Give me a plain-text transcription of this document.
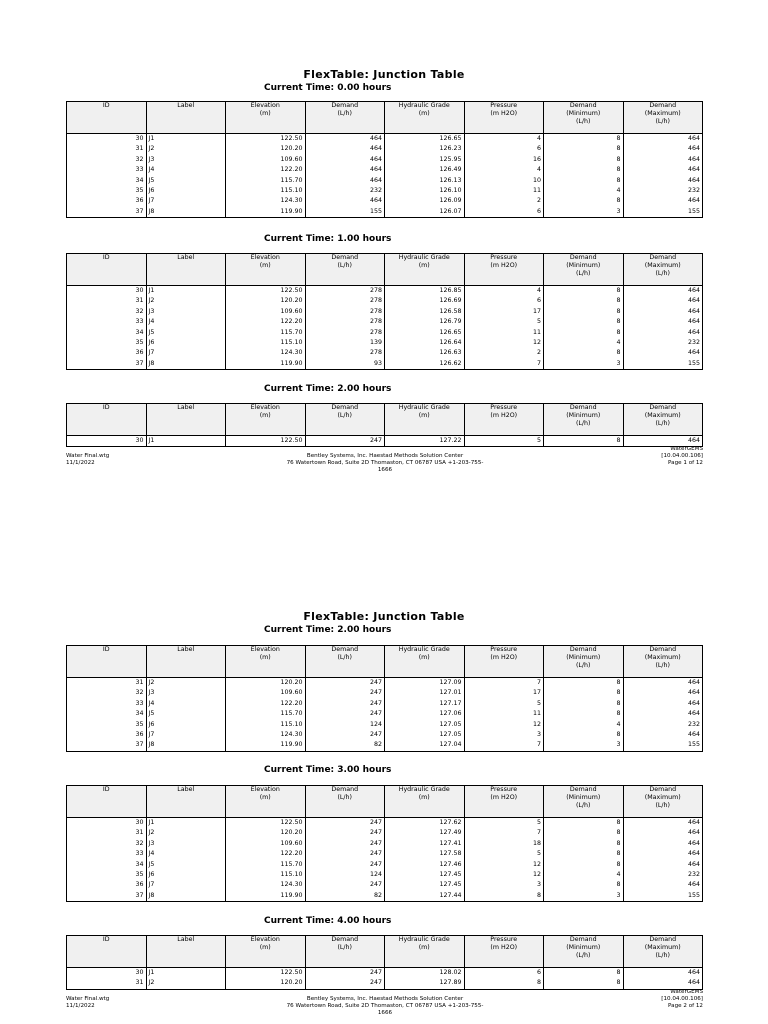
FlexTable: Junction Table
Current Time: 0.00 hours
ID	Label	Elevation
(m)	Demand
(L/h)	Hydraulic Grade
(m)	Pressure
(m H2O)	Demand
(Minimum)
(L/h)	Demand
(Maximum)
(L/h)
30	J1	122.50	464	126.65	4	8	464
31	J2	120.20	464	126.23	6	8	464
32	J3	109.60	464	125.95	16	8	464
33	J4	122.20	464	126.49	4	8	464
34	J5	115.70	464	126.13	10	8	464
35	J6	115.10	232	126.10	11	4	232
36	J7	124.30	464	126.09	2	8	464
37	J8	119.90	155	126.07	6	3	155
Current Time: 1.00 hours
ID	Label	Elevation
(m)	Demand
(L/h)	Hydraulic Grade
(m)	Pressure
(m H2O)	Demand
(Minimum)
(L/h)	Demand
(Maximum)
(L/h)
30	J1	122.50	278	126.85	4	8	464
31	J2	120.20	278	126.69	6	8	464
32	J3	109.60	278	126.58	17	8	464
33	J4	122.20	278	126.79	5	8	464
34	J5	115.70	278	126.65	11	8	464
35	J6	115.10	139	126.64	12	4	232
36	J7	124.30	278	126.63	2	8	464
37	J8	119.90	93	126.62	7	3	155
Current Time: 2.00 hours
ID	Label	Elevation
(m)	Demand
(L/h)	Hydraulic Grade
(m)	Pressure
(m H2O)	Demand
(Minimum)
(L/h)	Demand
(Maximum)
(L/h)
30	J1	122.50	247	127.22	5	8	464
Water Final.wtg
11/1/2022
Bentley Systems, Inc. Haestad Methods Solution Center
76 Watertown Road, Suite 2D Thomaston, CT 06787 USA +1-203-755-
1666
WaterGEMS
[10.04.00.106]
Page 1 of 12
FlexTable: Junction Table
Current Time: 2.00 hours
ID	Label	Elevation
(m)	Demand
(L/h)	Hydraulic Grade
(m)	Pressure
(m H2O)	Demand
(Minimum)
(L/h)	Demand
(Maximum)
(L/h)
31	J2	120.20	247	127.09	7	8	464
32	J3	109.60	247	127.01	17	8	464
33	J4	122.20	247	127.17	5	8	464
34	J5	115.70	247	127.06	11	8	464
35	J6	115.10	124	127.05	12	4	232
36	J7	124.30	247	127.05	3	8	464
37	J8	119.90	82	127.04	7	3	155
Current Time: 3.00 hours
ID	Label	Elevation
(m)	Demand
(L/h)	Hydraulic Grade
(m)	Pressure
(m H2O)	Demand
(Minimum)
(L/h)	Demand
(Maximum)
(L/h)
30	J1	122.50	247	127.62	5	8	464
31	J2	120.20	247	127.49	7	8	464
32	J3	109.60	247	127.41	18	8	464
33	J4	122.20	247	127.58	5	8	464
34	J5	115.70	247	127.46	12	8	464
35	J6	115.10	124	127.45	12	4	232
36	J7	124.30	247	127.45	3	8	464
37	J8	119.90	82	127.44	8	3	155
Current Time: 4.00 hours
ID	Label	Elevation
(m)	Demand
(L/h)	Hydraulic Grade
(m)	Pressure
(m H2O)	Demand
(Minimum)
(L/h)	Demand
(Maximum)
(L/h)
30	J1	122.50	247	128.02	6	8	464
31	J2	120.20	247	127.89	8	8	464
Water Final.wtg
11/1/2022
Bentley Systems, Inc. Haestad Methods Solution Center
76 Watertown Road, Suite 2D Thomaston, CT 06787 USA +1-203-755-
1666
WaterGEMS
[10.04.00.106]
Page 2 of 12
